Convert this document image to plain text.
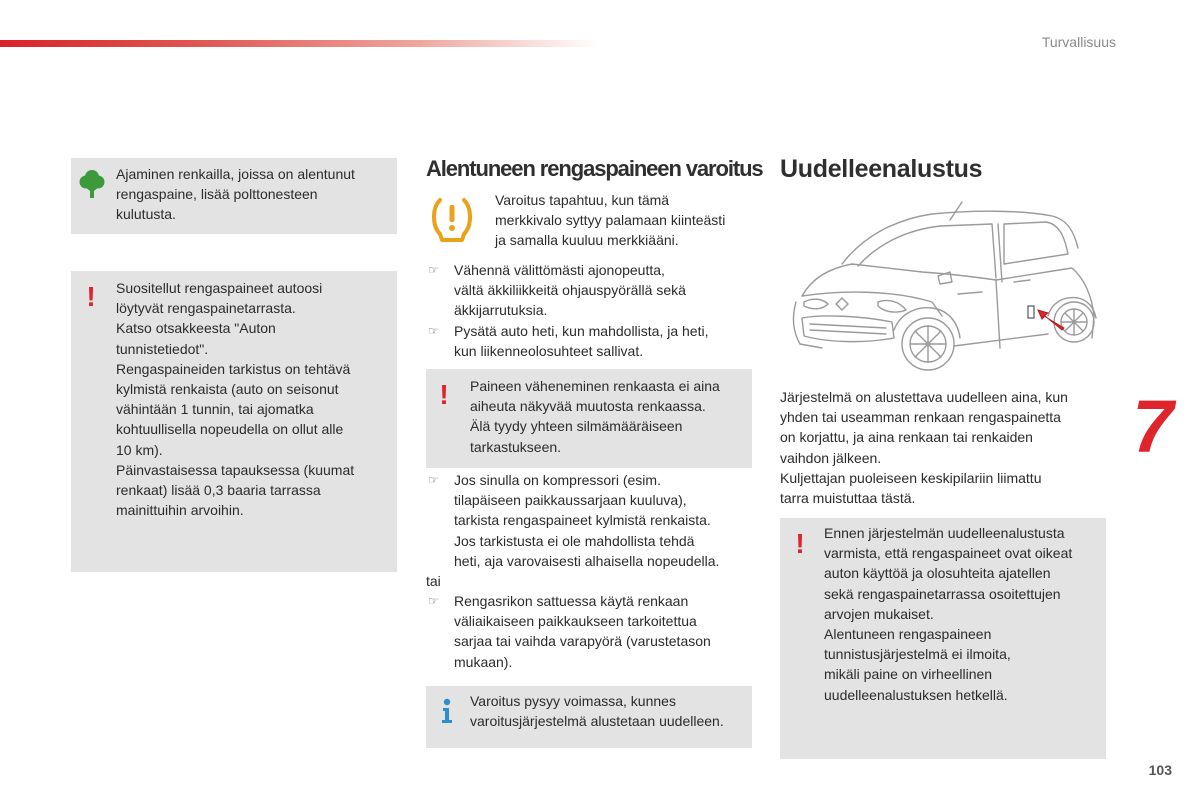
Turvallisuus

Ajaminen renkailla, joissa on alentunut

rengaspaine, lisää polttonesteen

kulutusta.

! Suositellut rengaspaineet autoosi

löytyvät rengaspainetarrasta.

Katso otsakkeesta "Auton

tunnistetiedot".

Rengaspaineiden tarkistus on tehtävä

kylmistä renkaista (auto on seisonut

vähintään 1 tunnin, tai ajomatka

kohtuullisella nopeudella on ollut alle

10 km).

Päinvastaisessa tapauksessa (kuumat

renkaat) lisää 0,3 baaria tarrassa

mainittuihin arvoihin.

Alentuneen rengaspaineen varoitus

Varoitus tapahtuu, kun tämä

merkkivalo syttyy palamaan kiinteästi

ja samalla kuuluu merkkiääni.

☞ Vähennä välittömästi ajonopeutta,
vältä äkkiliikkeitä ohjauspyörällä sekä
äkkijarrutuksia.
☞ Pysätä auto heti, kun mahdollista, ja heti,
kun liikenneolosuhteet sallivat.
! Paineen väheneminen renkaasta ei aina

aiheuta näkyvää muutosta renkaassa.

Älä tyydy yhteen silmämääräiseen

tarkastukseen.

☞ Jos sinulla on kompressori (esim.
tilapäiseen paikkaussarjaan kuuluva),
tarkista rengaspaineet kylmistä renkaista.
Jos tarkistusta ei ole mahdollista tehdä
heti, aja varovaisesti alhaisella nopeudella.
tai
☞ Rengasrikon sattuessa käytä renkaan
väliaikaiseen paikkaukseen tarkoitettua
sarjaa tai vaihda varapyörä (varustetason
mukaan).

Varoitus pysyy voimassa, kunnes

varoitusjärjestelmä alustetaan uudelleen.

Uudelleenalustus

Järjestelmä on alustettava uudelleen aina, kun

yhden tai useamman renkaan rengaspainetta

on korjattu, ja aina renkaan tai renkaiden

vaihdon jälkeen.

Kuljettajan puoleiseen keskipilariin liimattu

tarra muistuttaa tästä.

! Ennen järjestelmän uudelleenalustusta

varmista, että rengaspaineet ovat oikeat

auton käyttöä ja olosuhteita ajatellen

sekä rengaspainetarrassa osoitettujen

arvojen mukaiset.

Alentuneen rengaspaineen

tunnistusjärjestelmä ei ilmoita,

mikäli paine on virheellinen

uudelleenalustuksen hetkellä.

7
103
